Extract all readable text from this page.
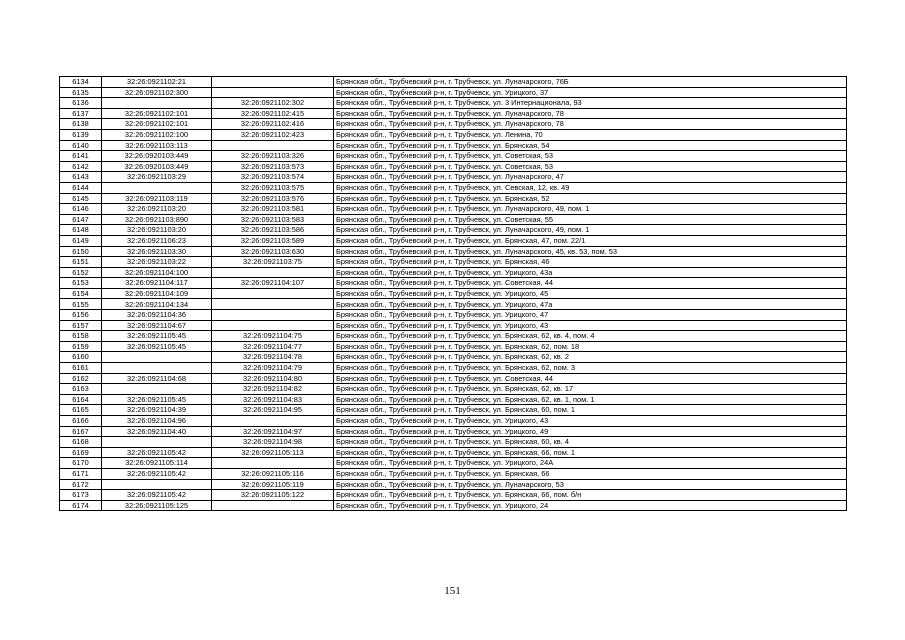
6134	32:26:0921102:21		Брянская обл., Трубчевский р-н, г. Трубчевск, ул. Луначарского, 76Б
6135	32:26:0921102:300		Брянская обл., Трубчевский р-н, г. Трубчевск, ул. Урицкого, 37
6136		32:26:0921102:302	Брянская обл., Трубчевский р-н, г. Трубчевск, ул. 3 Интернационала, 93
6137	32:26:0921102:101	32:26:0921102:415	Брянская обл., Трубчевский р-н, г. Трубчевск, ул. Луначарского, 78
6138	32:26:0921102:101	32:26:0921102:416	Брянская обл., Трубчевский р-н, г. Трубчевск, ул. Луначарского, 78
6139	32:26:0921102:100	32:26:0921102:423	Брянская обл., Трубчевский р-н, г. Трубчевск, ул. Ленина, 70
6140	32:26:0921103:113		Брянская обл., Трубчевский р-н, г. Трубчевск, ул. Брянская, 54
6141	32:26:0920103:449	32:26:0921103:326	Брянская обл., Трубчевский р-н, г. Трубчевск, ул. Советская, 53
6142	32:26:0920103:449	32:26:0921103:573	Брянская обл., Трубчевский р-н, г. Трубчевск, ул. Советская, 53
6143	32:26:0921103:29	32:26:0921103:574	Брянская обл., Трубчевский р-н, г. Трубчевск, ул. Луначарского, 47
6144		32:26:0921103:575	Брянская обл., Трубчевский р-н, г. Трубчевск, ул. Севская, 12, кв. 49
6145	32:26:0921103:119	32:26:0921103:576	Брянская обл., Трубчевский р-н, г. Трубчевск, ул. Брянская, 52
6146	32:26:0921103:20	32:26:0921103:581	Брянская обл., Трубчевский р-н, г. Трубчевск, ул. Луначарского, 49, пом. 1
6147	32:26:0921103:890	32:26:0921103:583	Брянская обл., Трубчевский р-н, г. Трубчевск, ул. Советская, 55
6148	32:26:0921103:20	32:26:0921103:586	Брянская обл., Трубчевский р-н, г. Трубчевск, ул. Луначарского, 49, пом. 1
6149	32:26:0921106:23	32:26:0921103:589	Брянская обл., Трубчевский р-н, г. Трубчевск, ул. Брянская, 47, пом. 22/1
6150	32:26:0921103:30	32:26:0921103:630	Брянская обл., Трубчевский р-н, г. Трубчевск, ул. Луначарского, 45, кв. 53, пом. 53
6151	32:26:0921103:22	32:26:0921103:75	Брянская обл., Трубчевский р-н, г. Трубчевск, ул. Брянская, 46
6152	32:26:0921104:100		Брянская обл., Трубчевский р-н, г. Трубчевск, ул. Урицкого, 43а
6153	32:26:0921104:117	32:26:0921104:107	Брянская обл., Трубчевский р-н, г. Трубчевск, ул. Советская, 44
6154	32:26:0921104:109		Брянская обл., Трубчевский р-н, г. Трубчевск, ул. Урицкого, 45
6155	32:26:0921104:134		Брянская обл., Трубчевский р-н, г. Трубчевск, ул. Урицкого, 47а
6156	32:26:0921104:36		Брянская обл., Трубчевский р-н, г. Трубчевск, ул. Урицкого, 47
6157	32:26:0921104:67		Брянская обл., Трубчевский р-н, г. Трубчевск, ул. Урицкого, 43
6158	32:26:0921105:45	32:26:0921104:75	Брянская обл., Трубчевский р-н, г. Трубчевск, ул. Брянская, 62, кв. 4, пом. 4
6159	32:26:0921105:45	32:26:0921104:77	Брянская обл., Трубчевский р-н, г. Трубчевск, ул. Брянская, 62, пом. 18
6160		32:26:0921104:78	Брянская обл., Трубчевский р-н, г. Трубчевск, ул. Брянская, 62, кв. 2
6161		32:26:0921104:79	Брянская обл., Трубчевский р-н, г. Трубчевск, ул. Брянская, 62, пом. 3
6162	32:26:0921104:68	32:26:0921104:80	Брянская обл., Трубчевский р-н, г. Трубчевск, ул. Советская, 44
6163		32:26:0921104:82	Брянская обл., Трубчевский р-н, г. Трубчевск, ул. Брянская, 62, кв. 17
6164	32:26:0921105:45	32:26:0921104:83	Брянская обл., Трубчевский р-н, г. Трубчевск, ул. Брянская, 62, кв. 1, пом. 1
6165	32:26:0921104:39	32:26:0921104:95	Брянская обл., Трубчевский р-н, г. Трубчевск, ул. Брянская, 60, пом. 1
6166	32:26:0921104:96		Брянская обл., Трубчевский р-н, г. Трубчевск, ул. Урицкого, 43
6167	32:26:0921104:40	32:26:0921104:97	Брянская обл., Трубчевский р-н, г. Трубчевск, ул. Урицкого, 49
6168		32:26:0921104:98	Брянская обл., Трубчевский р-н, г. Трубчевск, ул. Брянская, 60, кв. 4
6169	32:26:0921105:42	32:26:0921105:113	Брянская обл., Трубчевский р-н, г. Трубчевск, ул. Брянская, 66, пом. 1
6170	32:26:0921105:114		Брянская обл., Трубчевский р-н, г. Трубчевск, ул. Урицкого, 24А
6171	32:26:0921105:42	32:26:0921105:116	Брянская обл., Трубчевский р-н, г. Трубчевск, ул. Брянская, 66
6172		32:26:0921105:119	Брянская обл., Трубчевский р-н, г. Трубчевск, ул. Луначарского, 53
6173	32:26:0921105:42	32:26:0921105:122	Брянская обл., Трубчевский р-н, г. Трубчевск, ул. Брянская, 66, пом. б/н
6174	32:26:0921105:125		Брянская обл., Трубчевский р-н, г. Трубчевск, ул. Урицкого, 24
151
